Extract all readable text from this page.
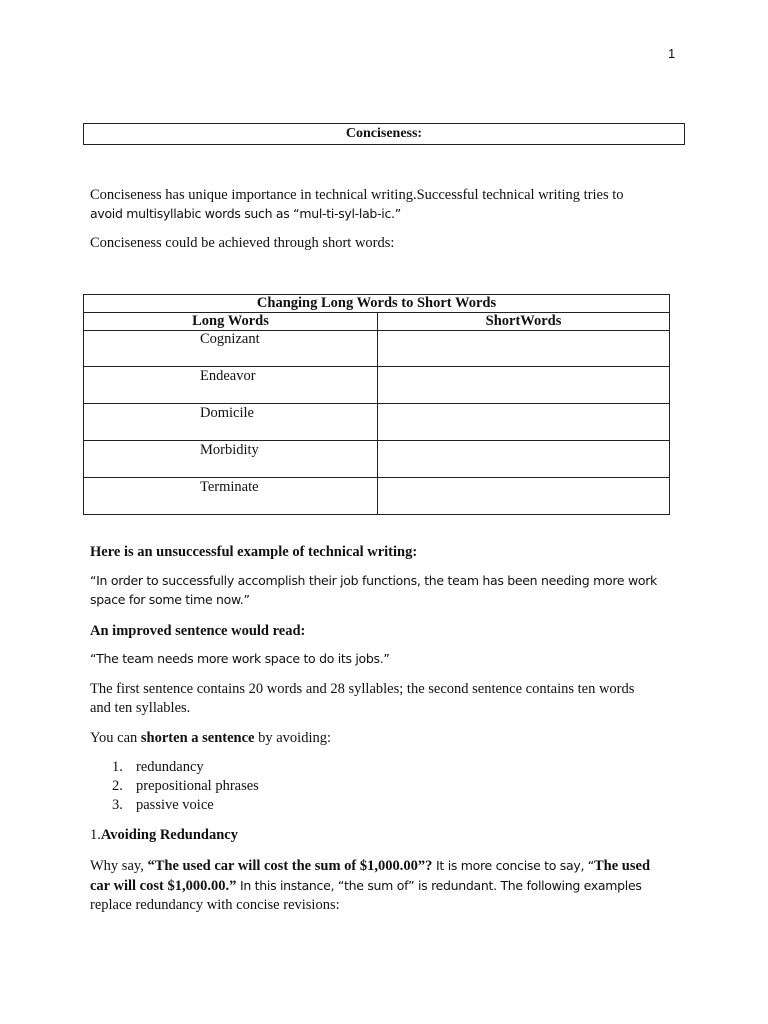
1
Conciseness:

Conciseness has unique importance in technical writing.Successful technical writing tries to
avoid multisyllabic words such as “mul-ti-syl-lab-ic.”

Conciseness could be achieved through short words:

Changing Long Words to Short Words	
Long Words	ShortWords
Cognizant	
Endeavor	
Domicile	
Morbidity	
Terminate	

Here is an unsuccessful example of technical writing:

“In order to successfully accomplish their job functions, the team has been needing more work
space for some time now.”

An improved sentence would read:

“The team needs more work space to do its jobs.”

The first sentence contains 20 words and 28 syllables; the second sentence contains ten words
and ten syllables.

You can shorten a sentence by avoiding:

1. redundancy
2. prepositional phrases
3. passive voice

1.Avoiding Redundancy

Why say, “The used car will cost the sum of $1,000.00”? It is more concise to say, “The used
car will cost $1,000.00.” In this instance, “the sum of” is redundant. The following examples
replace redundancy with concise revisions:
